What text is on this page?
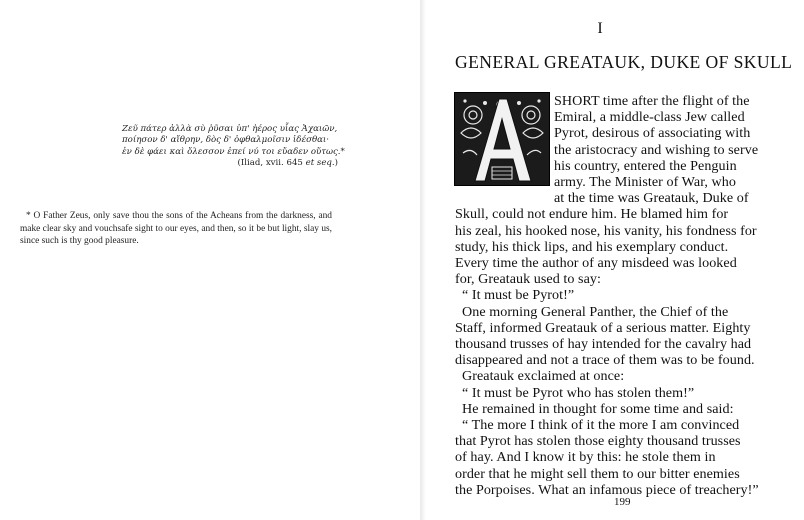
Ζεῦ πάτερ ἀλλὰ σὺ ῥῦσαι ὑπ' ἠέρος υἷας Ἀχαιῶν,
ποίησον δ' αἴθρην, δὸς δ' ὀφθαλμοῖσιν ἰδέσθαι·
ἐν δὲ φάει καὶ ὄλεσσον ἐπεί νύ τοι εὔαδεν οὕτως.*
(Iliad, xvii. 645 et seq.)
* O Father Zeus, only save thou the sons of the Acheans from the darkness, and make clear sky and vouchsafe sight to our eyes, and then, so it be but light, slay us, since such is thy good pleasure.
I
GENERAL GREATAUK, DUKE OF SKULL
SHORT time after the flight of the
Emiral, a middle-class Jew called
Pyrot, desirous of associating with
the aristocracy and wishing to serve
his country, entered the Penguin
army. The Minister of War, who
at the time was Greatauk, Duke of
Skull, could not endure him. He blamed him for
his zeal, his hooked nose, his vanity, his fondness for
study, his thick lips, and his exemplary conduct.
Every time the author of any misdeed was looked
for, Greatauk used to say:
“ It must be Pyrot!”
One morning General Panther, the Chief of the
Staff, informed Greatauk of a serious matter. Eighty
thousand trusses of hay intended for the cavalry had
disappeared and not a trace of them was to be found.
Greatauk exclaimed at once:
“ It must be Pyrot who has stolen them!”
He remained in thought for some time and said:
“ The more I think of it the more I am convinced
that Pyrot has stolen those eighty thousand trusses
of hay. And I know it by this: he stole them in
order that he might sell them to our bitter enemies
the Porpoises. What an infamous piece of treachery!”
199
